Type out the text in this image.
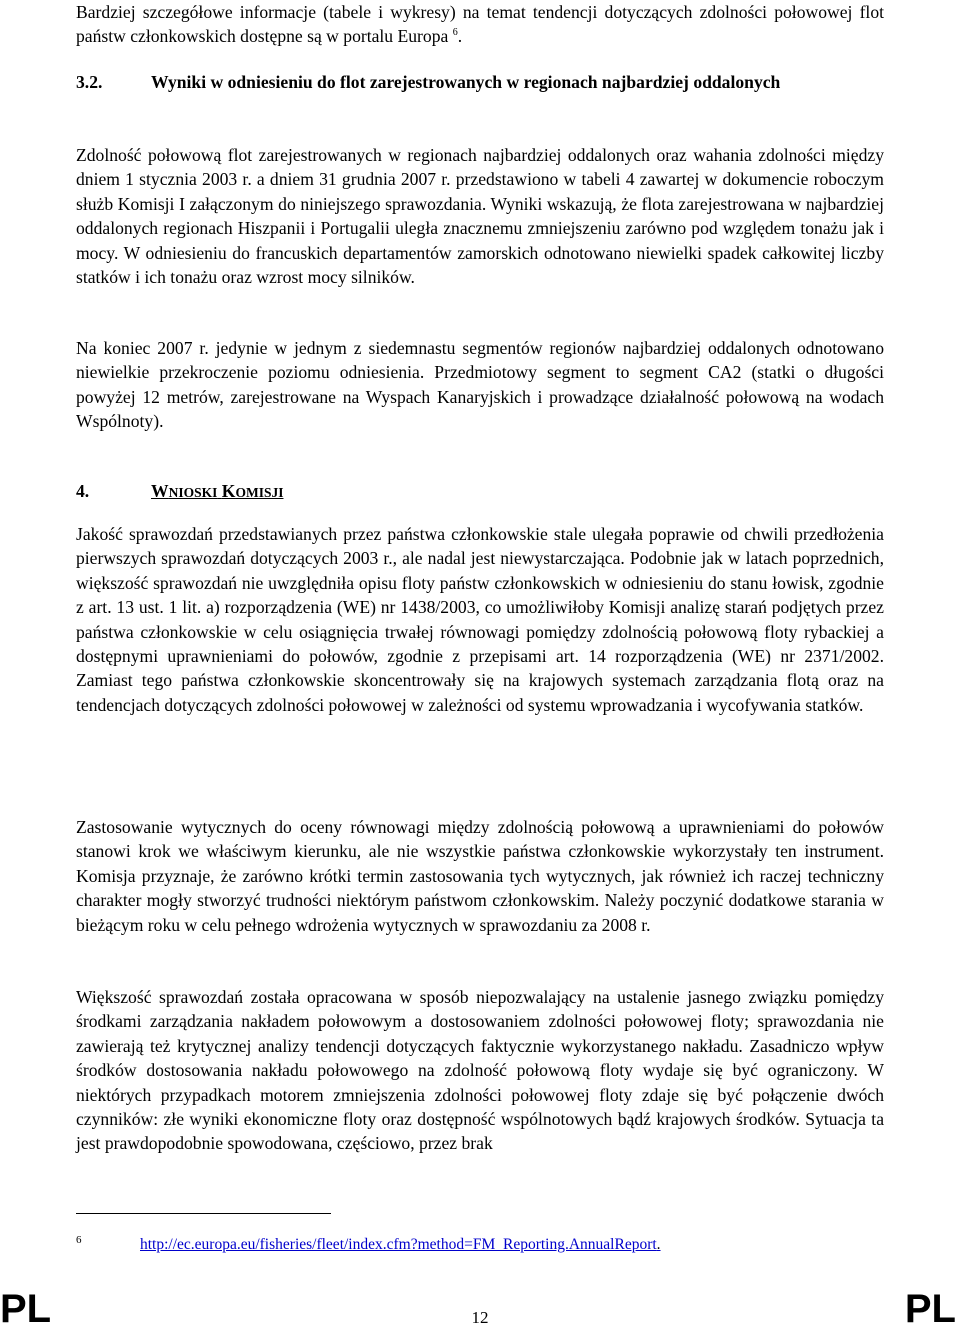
Bardziej szczegółowe informacje (tabele i wykresy) na temat tendencji dotyczących zdolności połowowej flot państw członkowskich dostępne są w portalu Europa $^6$.
3.2.	Wyniki w odniesieniu do flot zarejestrowanych w regionach najbardziej oddalonych
Zdolność połowową flot zarejestrowanych w regionach najbardziej oddalonych oraz wahania zdolności między dniem 1 stycznia 2003 r. a dniem 31 grudnia 2007 r. przedstawiono w tabeli 4 zawartej w dokumencie roboczym służb Komisji I załączonym do niniejszego sprawozdania. Wyniki wskazują, że flota zarejestrowana w najbardziej oddalonych regionach Hiszpanii i Portugalii uległa znacznemu zmniejszeniu zarówno pod względem tonażu jak i mocy. W odniesieniu do francuskich departamentów zamorskich odnotowano niewielki spadek całkowitej liczby statków i ich tonażu oraz wzrost mocy silników.
Na koniec 2007 r. jedynie w jednym z siedemnastu segmentów regionów najbardziej oddalonych odnotowano niewielkie przekroczenie poziomu odniesienia. Przedmiotowy segment to segment CA2 (statki o długości powyżej 12 metrów, zarejestrowane na Wyspach Kanaryjskich i prowadzące działalność połowową na wodach Wspólnoty).
4.	WNIOSKI KOMISJI
Jakość sprawozdań przedstawianych przez państwa członkowskie stale ulegała poprawie od chwili przedłożenia pierwszych sprawozdań dotyczących 2003 r., ale nadal jest niewystarczająca. Podobnie jak w latach poprzednich, większość sprawozdań nie uwzględniła opisu floty państw członkowskich w odniesieniu do stanu łowisk, zgodnie z art. 13 ust. 1 lit. a) rozporządzenia (WE) nr 1438/2003, co umożliwiłoby Komisji analizę starań podjętych przez państwa członkowskie w celu osiągnięcia trwałej równowagi pomiędzy zdolnością połowową floty rybackiej a dostępnymi uprawnieniami do połowów, zgodnie z przepisami art. 14 rozporządzenia (WE) nr 2371/2002. Zamiast tego państwa członkowskie skoncentrowały się na krajowych systemach zarządzania flotą oraz na tendencjach dotyczących zdolności połowowej w zależności od systemu wprowadzania i wycofywania statków.
Zastosowanie wytycznych do oceny równowagi między zdolnością połowową a uprawnieniami do połowów stanowi krok we właściwym kierunku, ale nie wszystkie państwa członkowskie wykorzystały ten instrument. Komisja przyznaje, że zarówno krótki termin zastosowania tych wytycznych, jak również ich raczej techniczny charakter mogły stworzyć trudności niektórym państwom członkowskim. Należy poczynić dodatkowe starania w bieżącym roku w celu pełnego wdrożenia wytycznych w sprawozdaniu za 2008 r.
Większość sprawozdań została opracowana w sposób niepozwalający na ustalenie jasnego związku pomiędzy środkami zarządzania nakładem połowowym a dostosowaniem zdolności połowowej floty; sprawozdania nie zawierają też krytycznej analizy tendencji dotyczących faktycznie wykorzystanego nakładu. Zasadniczo wpływ środków dostosowania nakładu połowowego na zdolność połowową floty wydaje się być ograniczony. W niektórych przypadkach motorem zmniejszenia zdolności połowowej floty zdaje się być połączenie dwóch czynników: złe wyniki ekonomiczne floty oraz dostępność wspólnotowych bądź krajowych środków. Sytuacja ta jest prawdopodobnie spowodowana, częściowo, przez brak
6	http://ec.europa.eu/fisheries/fleet/index.cfm?method=FM_Reporting.AnnualReport.
PL	12	PL
